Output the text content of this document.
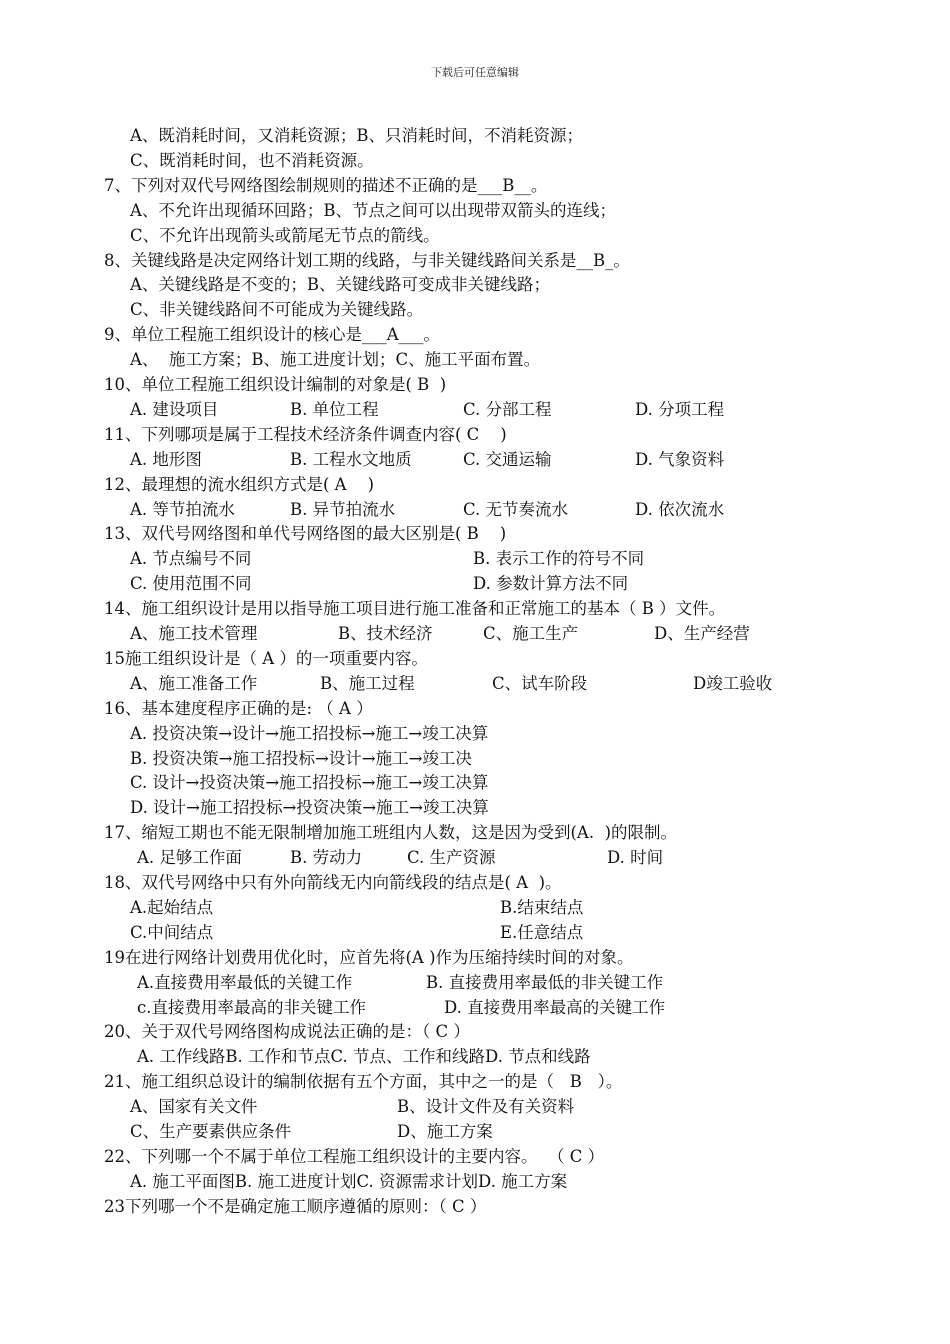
下载后可任意编辑
A、既消耗时间，又消耗资源；B、只消耗时间，不消耗资源；
C、既消耗时间，也不消耗资源。
7、下列对双代号网络图绘制规则的描述不正确的是___B__。
A、不允许出现循环回路；B、节点之间可以出现带双箭头的连线；
C、不允许出现箭头或箭尾无节点的箭线。
8、关键线路是决定网络计划工期的线路，与非关键线路间关系是__B_。
A、关键线路是不变的；B、关键线路可变成非关键线路；
C、非关键线路间不可能成为关键线路。
9、单位工程施工组织设计的核心是___A___。
A、  施工方案；B、施工进度计划；C、施工平面布置。
10、单位工程施工组织设计编制的对象是( B  )
A. 建设项目	B. 单位工程	C. 分部工程	D. 分项工程
11、下列哪项是属于工程技术经济条件调查内容( C    )
A. 地形图	B. 工程水文地质	C. 交通运输	D. 气象资料
12、最理想的流水组织方式是( A    )
A. 等节拍流水	B. 异节拍流水	C. 无节奏流水	D. 依次流水
13、双代号网络图和单代号网络图的最大区别是( B    )
A. 节点编号不同	B. 表示工作的符号不同
C. 使用范围不同	D. 参数计算方法不同
14、施工组织设计是用以指导施工项目进行施工准备和正常施工的基本（ B ）文件。
A、施工技术管理	B、技术经济	C、施工生产	D、生产经营
15施工组织设计是（ A ）的一项重要内容。
A、施工准备工作	B、施工过程	C、试车阶段	D竣工验收
16、基本建度程序正确的是: （ A ）
A. 投资决策→设计→施工招投标→施工→竣工决算
B. 投资决策→施工招投标→设计→施工→竣工决
C. 设计→投资决策→施工招投标→施工→竣工决算
D. 设计→施工招投标→投资决策→施工→竣工决算
17、缩短工期也不能无限制增加施工班组内人数，这是因为受到(A.  )的限制。
A. 足够工作面	B. 劳动力	C. 生产资源	D. 时间
18、双代号网络中只有外向箭线无内向箭线段的结点是( A  )。
A.起始结点	B.结束结点
C.中间结点	E.任意结点
19在进行网络计划费用优化时，应首先将(A )作为压缩持续时间的对象。
A.直接费用率最低的关键工作	B. 直接费用率最低的非关键工作
c.直接费用率最高的非关键工作	D. 直接费用率最高的关键工作
20、关于双代号网络图构成说法正确的是：（ C ）
A. 工作线路B. 工作和节点C. 节点、工作和线路D. 节点和线路
21、施工组织总设计的编制依据有五个方面，其中之一的是（   B   ）。
A、国家有关文件	B、设计文件及有关资料
C、生产要素供应条件	D、施工方案
22、下列哪一个不属于单位工程施工组织设计的主要内容。  （ C ）
A. 施工平面图B. 施工进度计划C. 资源需求计划D. 施工方案
23下列哪一个不是确定施工顺序遵循的原则：（ C ）
